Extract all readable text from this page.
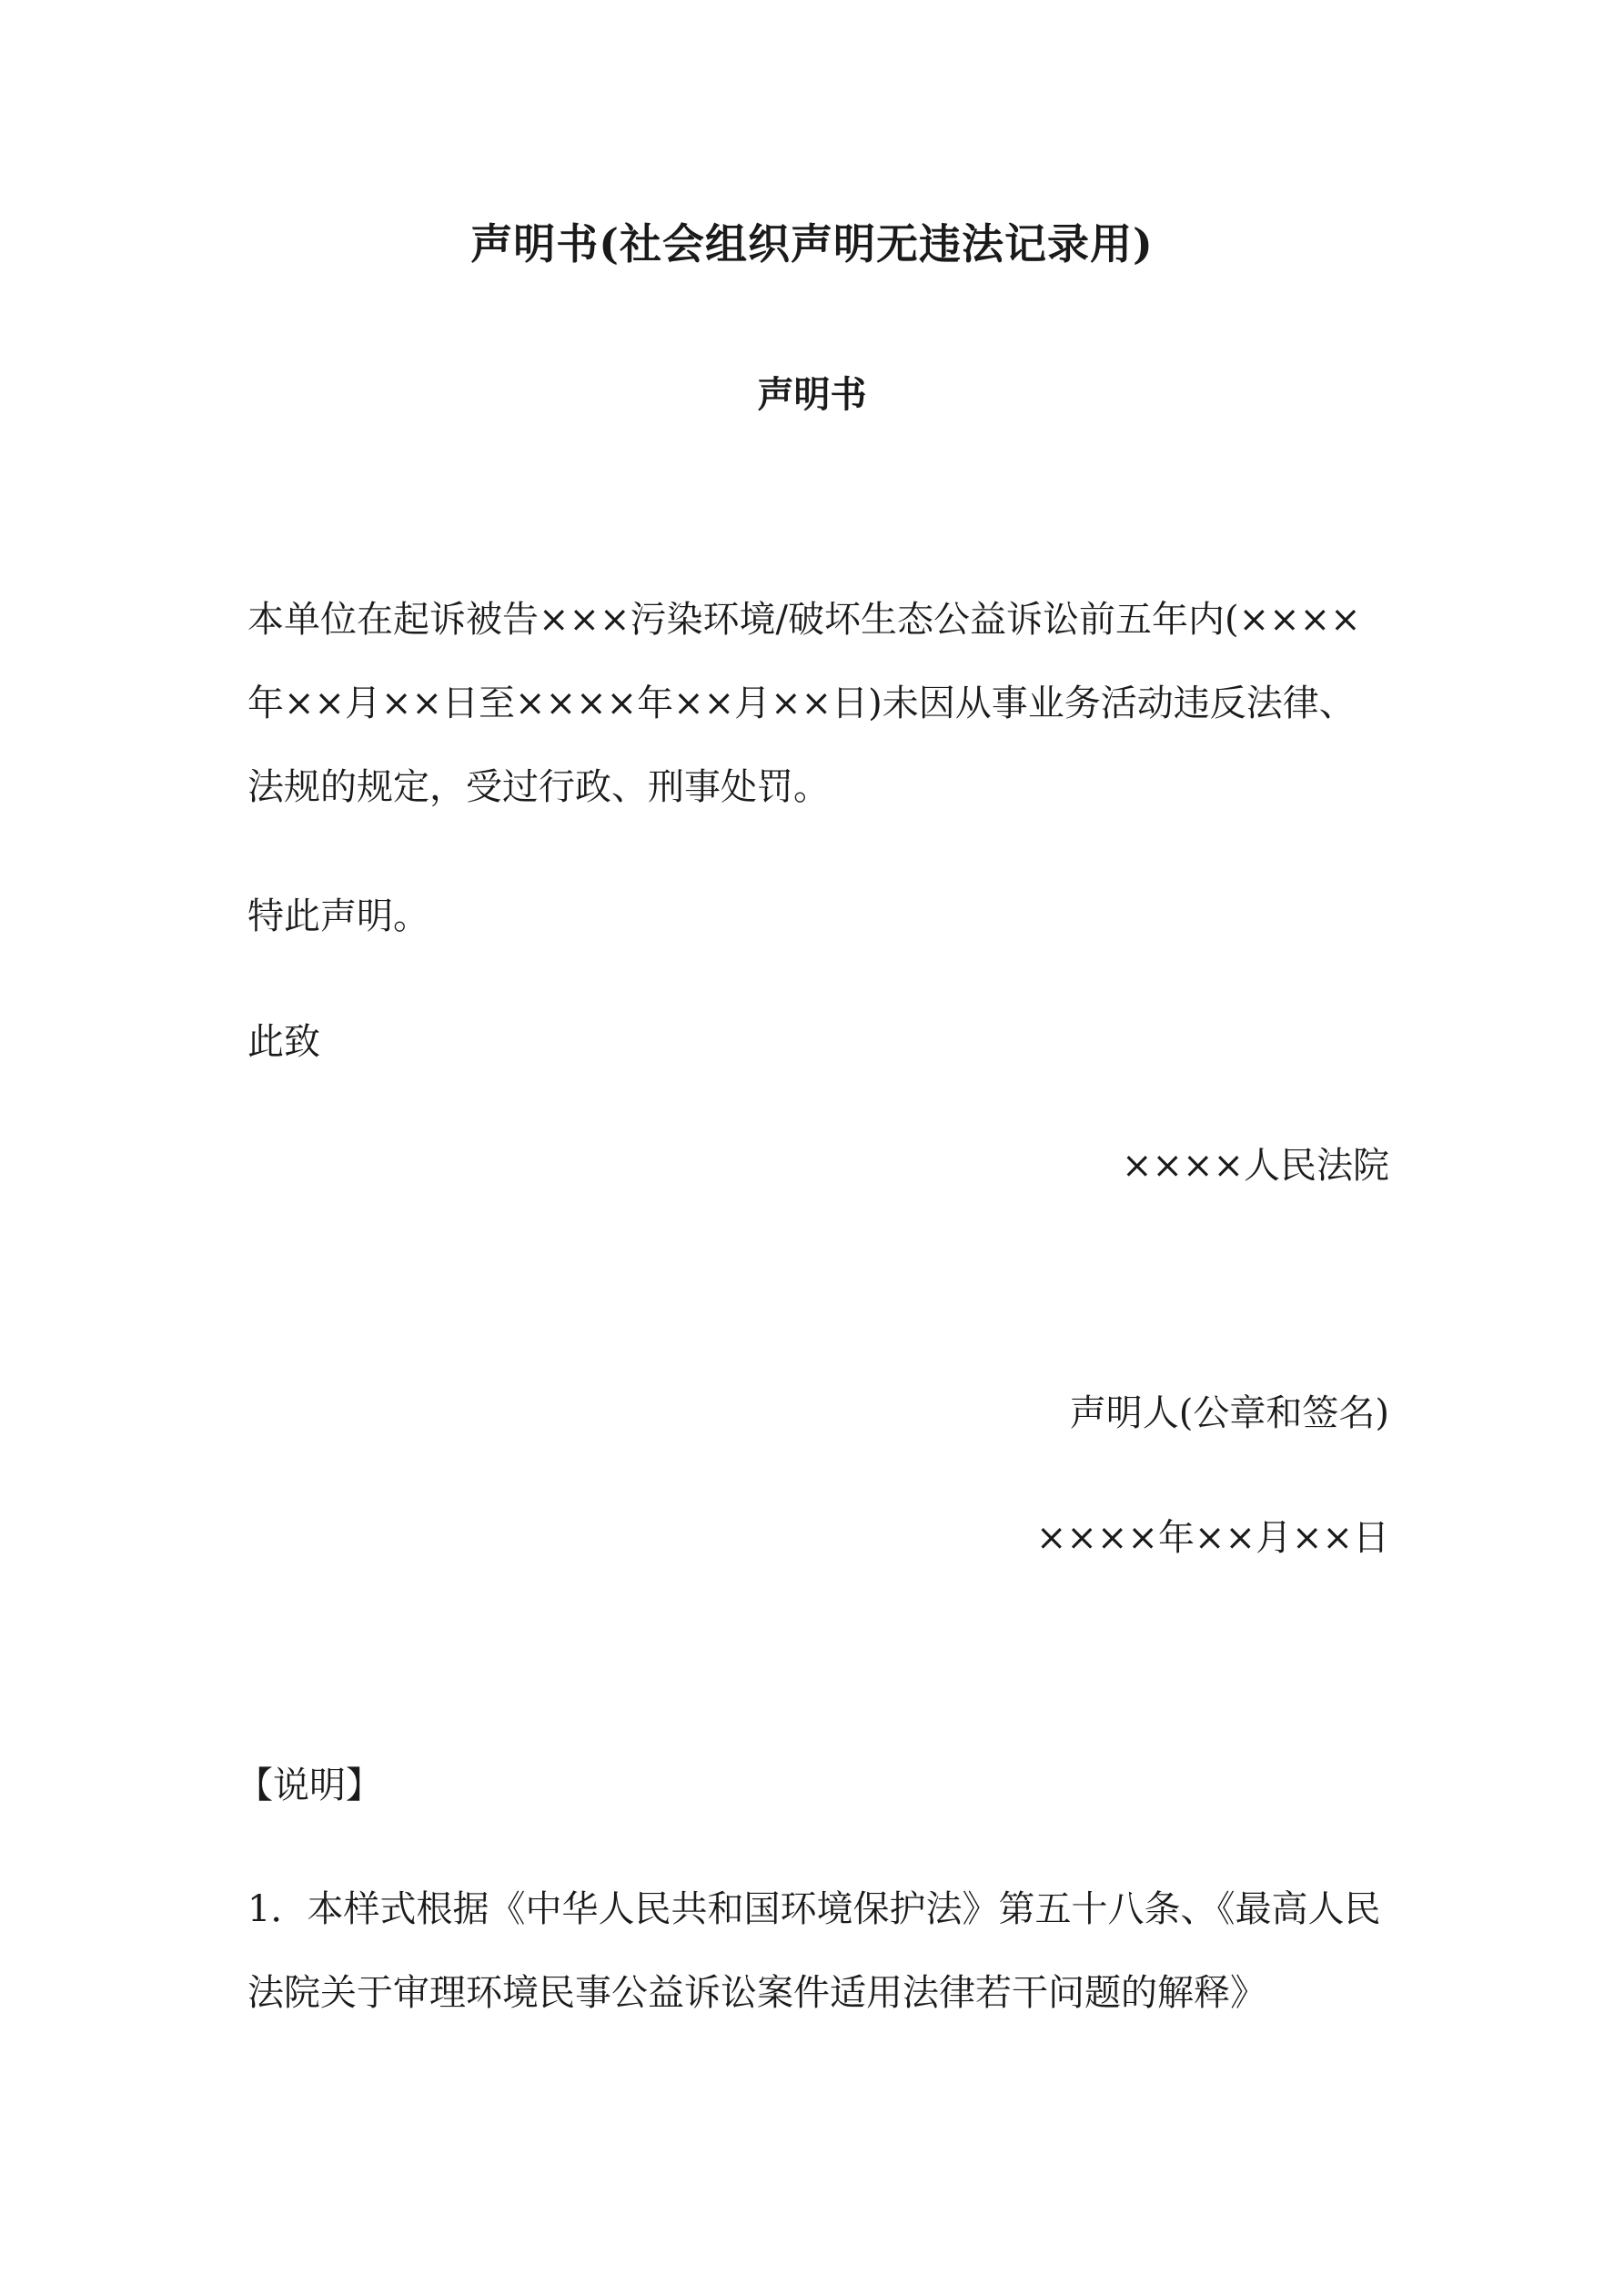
声明书(社会组织声明无违法记录用)
声明书

本单位在起诉被告×××污染环境/破坏生态公益诉讼前五年内(××××年××月××日至××××年××月××日)未因从事业务活动违反法律、法规的规定，受过行政、刑事处罚。

特此声明。

此致

××××人民法院

声明人(公章和签名)

××××年××月××日

【说明】

1．本样式根据《中华人民共和国环境保护法》第五十八条、《最高人民法院关于审理环境民事公益诉讼案件适用法律若干问题的解释》
